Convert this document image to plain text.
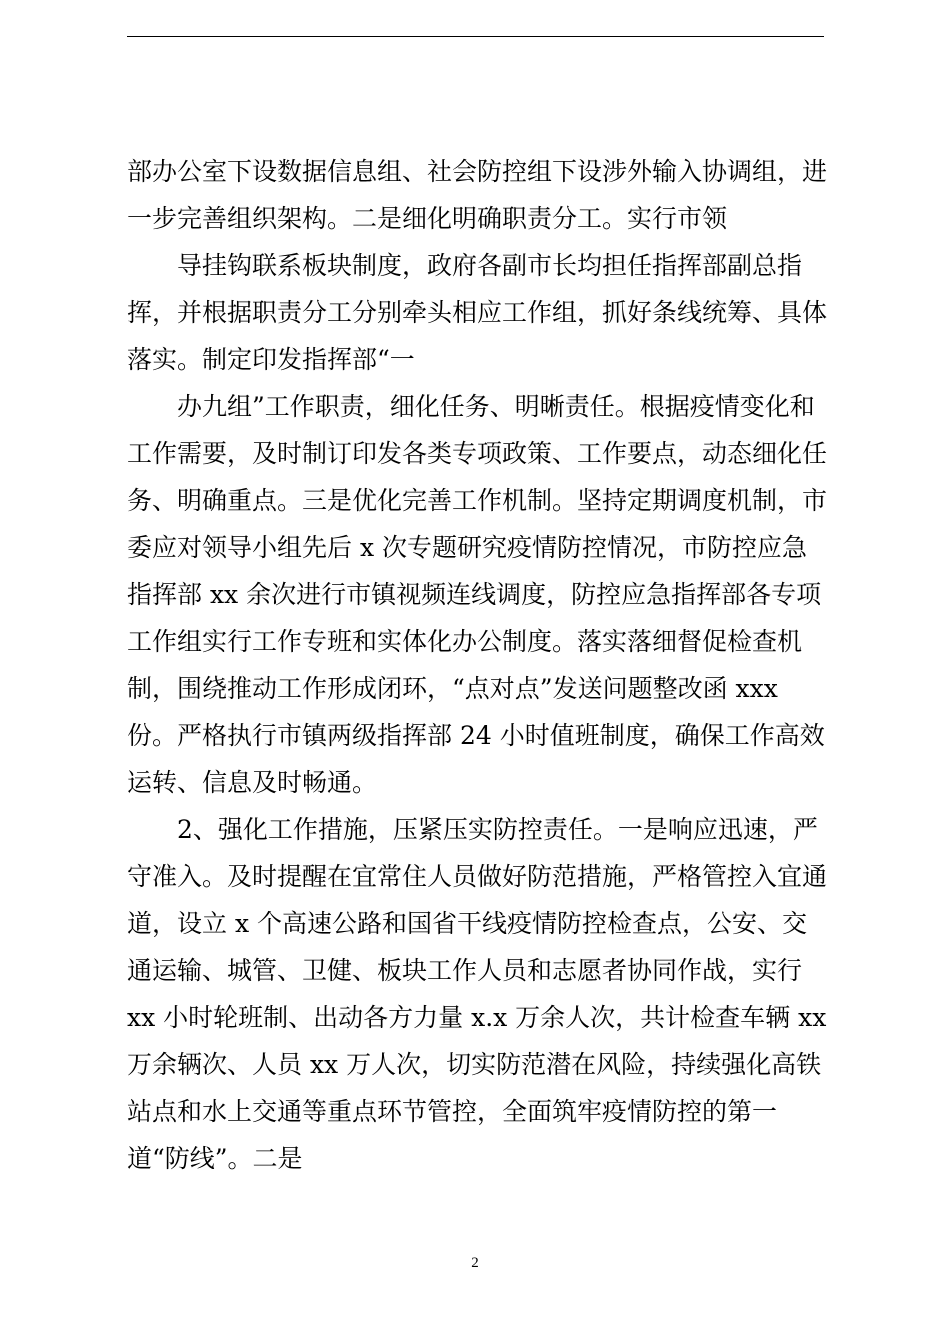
部办公室下设数据信息组、社会防控组下设涉外输入协调组，进一步完善组织架构。二是细化明确职责分工。实行市领

导挂钩联系板块制度，政府各副市长均担任指挥部副总指挥，并根据职责分工分别牵头相应工作组，抓好条线统筹、具体落实。制定印发指挥部“一

办九组”工作职责，细化任务、明晰责任。根据疫情变化和工作需要，及时制订印发各类专项政策、工作要点，动态细化任务、明确重点。三是优化完善工作机制。坚持定期调度机制，市委应对领导小组先后 x 次专题研究疫情防控情况，市防控应急指挥部 xx 余次进行市镇视频连线调度，防控应急指挥部各专项工作组实行工作专班和实体化办公制度。落实落细督促检查机制，围绕推动工作形成闭环，“点对点”发送问题整改函 xxx 份。严格执行市镇两级指挥部 24 小时值班制度，确保工作高效运转、信息及时畅通。

2、强化工作措施，压紧压实防控责任。一是响应迅速，严守准入。及时提醒在宜常住人员做好防范措施，严格管控入宜通道，设立 x 个高速公路和国省干线疫情防控检查点，公安、交通运输、城管、卫健、板块工作人员和志愿者协同作战，实行 xx 小时轮班制、出动各方力量 x.x 万余人次，共计检查车辆 xx 万余辆次、人员 xx 万人次，切实防范潜在风险，持续强化高铁站点和水上交通等重点环节管控，全面筑牢疫情防控的第一道“防线”。二是

2
